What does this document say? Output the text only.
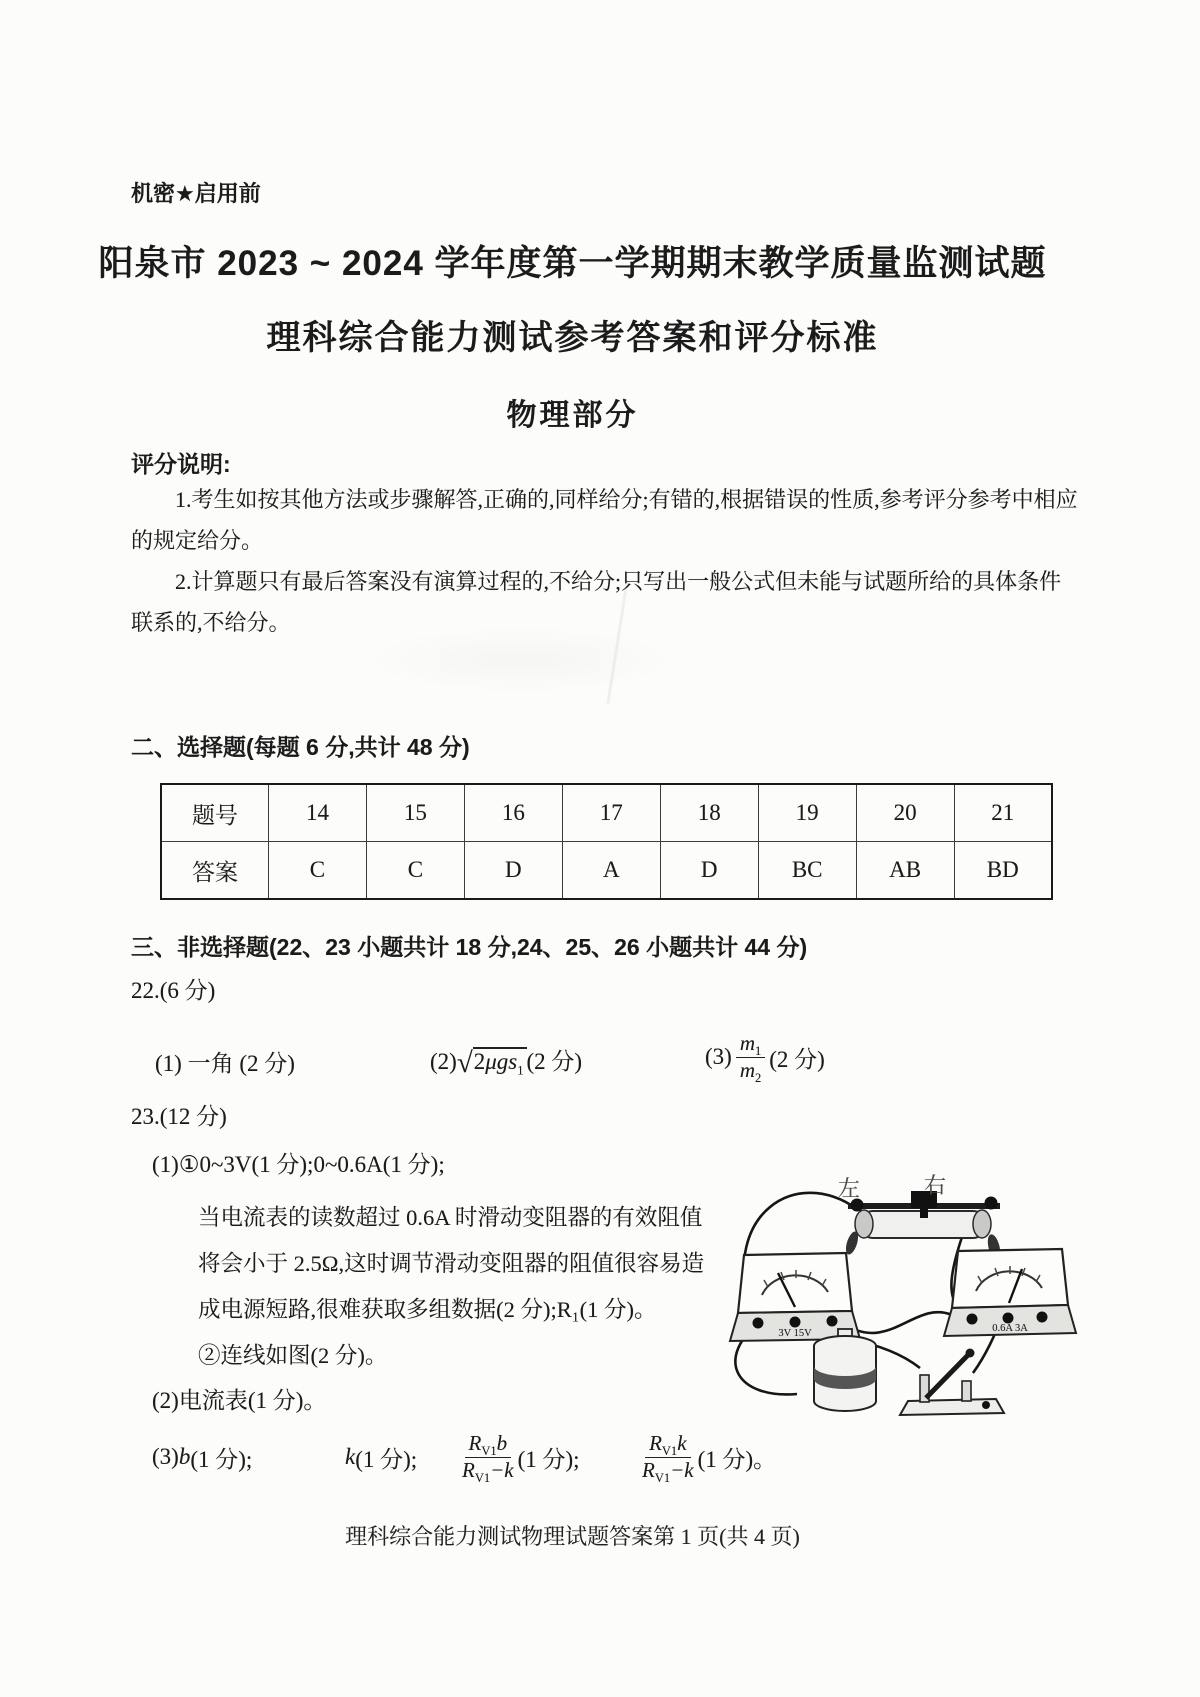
机密★启用前
阳泉市 2023 ~ 2024 学年度第一学期期末教学质量监测试题
理科综合能力测试参考答案和评分标准
物理部分
评分说明:

1.考生如按其他方法或步骤解答,正确的,同样给分;有错的,根据错误的性质,参考评分参考中相应的规定给分。

2.计算题只有最后答案没有演算过程的,不给分;只写出一般公式但未能与试题所给的具体条件联系的,不给分。

二、选择题(每题 6 分,共计 48 分)
题号	14	15	16	17	18	19	20	21
答案	C	C	D	A	D	BC	AB	BD
三、非选择题(22、23 小题共计 18 分,24、25、26 小题共计 44 分)
22.(6 分)
(1) 一角 (2 分)	(2)√2μgs$_1$ (2 分)	$(3) \frac{m_1}{m_2} (2$ 分)
23.(12 分)
(1)①0~3V(1 分);0~0.6A(1 分);
当电流表的读数超过 0.6A 时滑动变阻器的有效阻值
将会小于 2.5Ω,这时调节滑动变阻器的阻值很容易造
成电源短路,很难获取多组数据(2 分);R₁(1 分)。
②连线如图(2 分)。
(2)电流表(1 分)。
(3) b (1 分);	k (1 分); $\frac{R_{V1}b}{R_{V1}-k} (1$ 分);	$\frac{R_{V1}k}{R_{V1}-k} (1$ 分)。
左	右
3V 15V	0.6A 3A
理科综合能力测试物理试题答案第 1 页(共 4 页)
